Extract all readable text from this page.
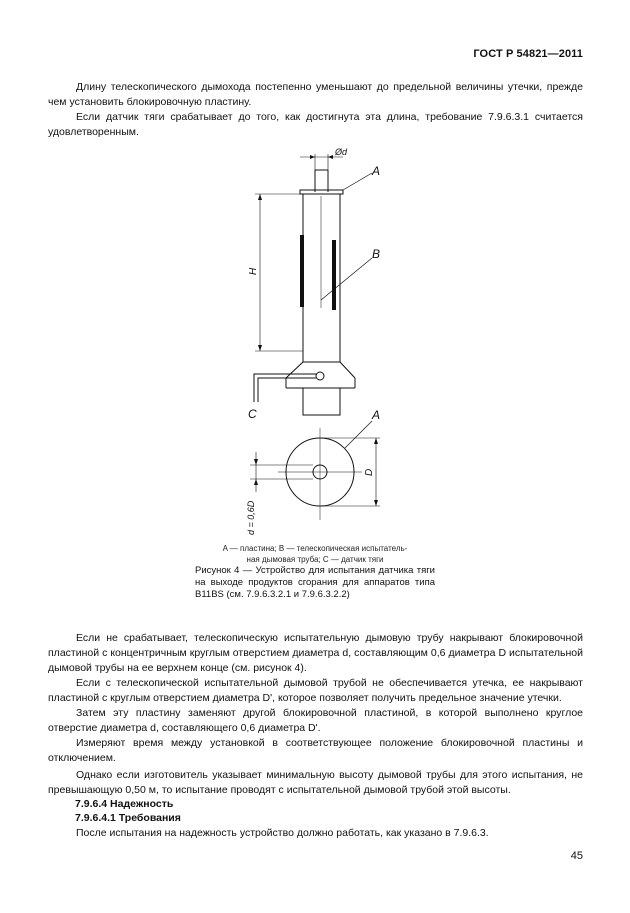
ГОСТ Р 54821—2011
Длину телескопического дымохода постепенно уменьшают до предельной величины утечки, прежде чем установить блокировочную пластину.
Если датчик тяги срабатывает до того, как достигнута эта длина, требование 7.9.6.3.1 считается удовлетворенным.
Ød
A
B
H
C	A
D
d = 0,6D
A — пластина; B — телескопическая испытатель-
ная дымовая труба; C — датчик тяги
Рисунок 4 — Устройство для испытания датчика тяги на выходе продуктов сгорания для аппаратов типа B11BS (см. 7.9.6.3.2.1 и 7.9.6.3.2.2)
Если не срабатывает, телескопическую испытательную дымовую трубу накрывают блокировочной пластиной с концентричным круглым отверстием диаметра d, составляющим 0,6 диаметра D испытательной дымовой трубы на ее верхнем конце (см. рисунок 4).
Если с телескопической испытательной дымовой трубой не обеспечивается утечка, ее накрывают пластиной с круглым отверстием диаметра D', которое позволяет получить предельное значение утечки.
Затем эту пластину заменяют другой блокировочной пластиной, в которой выполнено круглое отверстие диаметра d, составляющего 0,6 диаметра D'.
Измеряют время между установкой в соответствующее положение блокировочной пластины и отключением.
Однако если изготовитель указывает минимальную высоту дымовой трубы для этого испытания, не превышающую 0,50 м, то испытание проводят с испытательной дымовой трубой этой высоты.
7.9.6.4 Надежность
7.9.6.4.1 Требования
После испытания на надежность устройство должно работать, как указано в 7.9.6.3.
45
